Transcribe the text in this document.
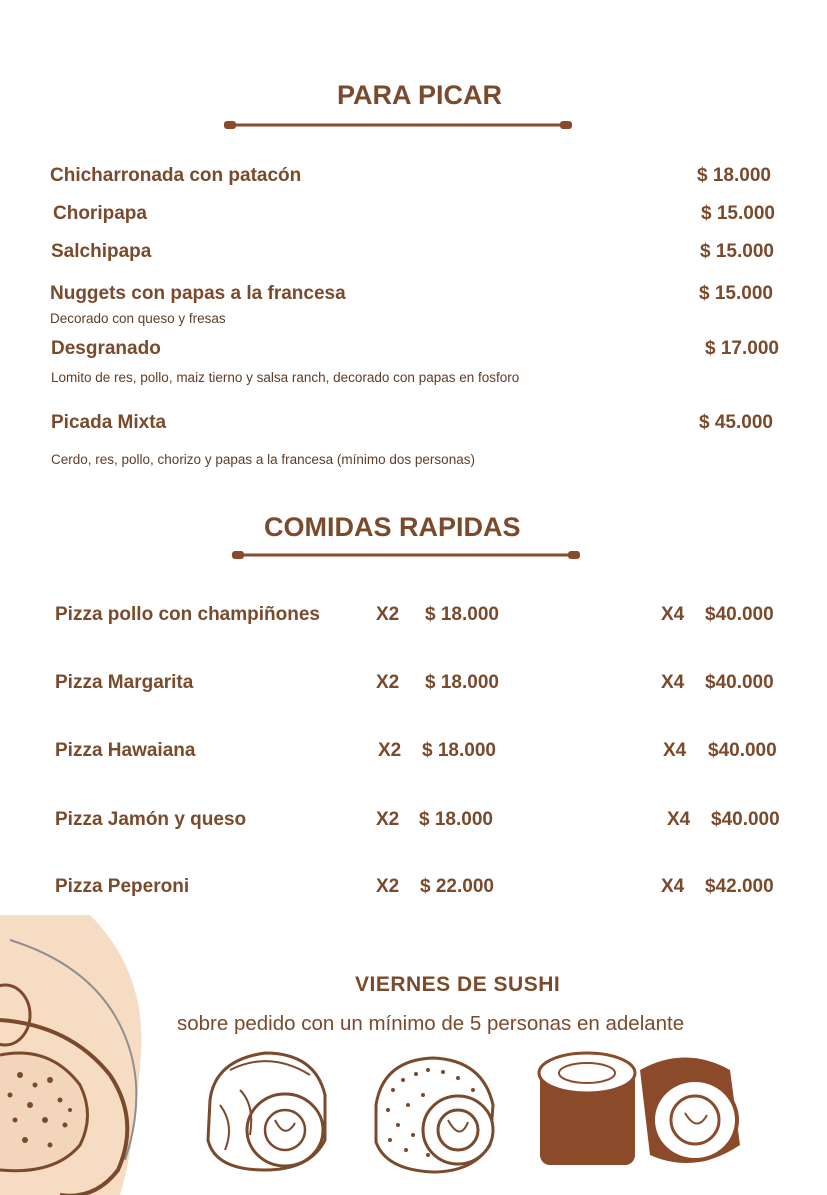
PARA PICAR
Chicharronada con patacón	$ 18.000
Choripapa	$ 15.000
Salchipapa	$ 15.000
Nuggets con papas a la francesa	$ 15.000
Decorado con queso y fresas
Desgranado	$ 17.000
Lomito de res, pollo, maiz tierno y salsa ranch, decorado con papas en fosforo
Picada Mixta	$ 45.000
Cerdo, res, pollo, chorizo y papas a la francesa (mínimo dos personas)
COMIDAS RAPIDAS
Pizza pollo con champiñones	X2 $ 18.000	X4 $40.000
Pizza Margarita	X2 $ 18.000	X4 $40.000
Pizza Hawaiana	X2 $ 18.000	X4 $40.000
Pizza Jamón y queso	X2 $ 18.000	X4 $40.000
Pizza Peperoni	X2 $ 22.000	X4 $42.000
VIERNES DE SUSHI
sobre pedido con un mínimo de 5 personas en adelante
